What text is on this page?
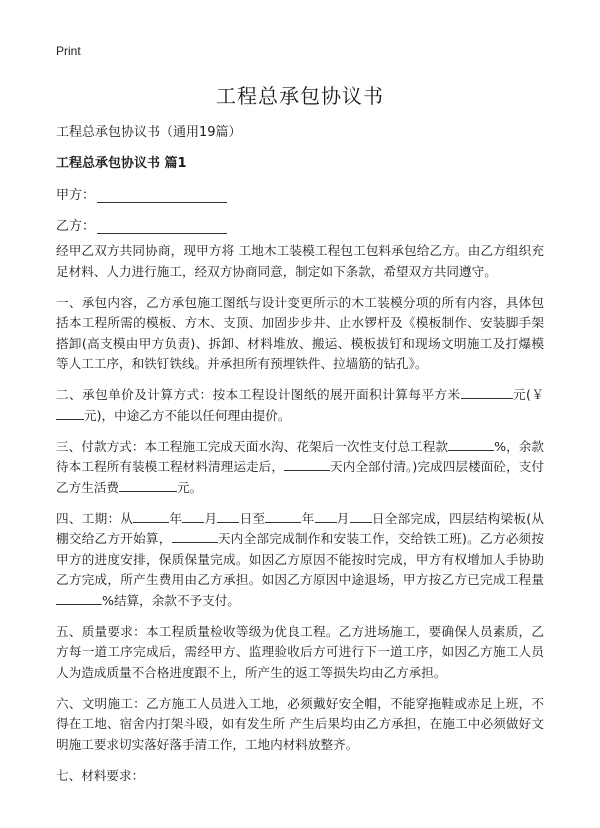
Print
工程总承包协议书
工程总承包协议书（通用19篇）
工程总承包协议书 篇1
甲方：
乙方：

经甲乙双方共同协商，现甲方将 工地木工装模工程包工包料承包给乙方。由乙方组织充足材料、人力进行施工，经双方协商同意，制定如下条款，希望双方共同遵守。

一、承包内容，乙方承包施工图纸与设计变更所示的木工装模分项的所有内容，具体包括本工程所需的模板、方木、支顶、加固步步井、止水锣杆及《模板制作、安装脚手架搭卸(高支模由甲方负责)、拆卸、材料堆放、搬运、模板拔钉和现场文明施工及打爆模等人工工序，和铁钉铁线。并承担所有预埋铁件、拉墙筋的钻孔》。

二、承包单价及计算方式：按本工程设计图纸的展开面积计算每平方米	元(￥元)，中途乙方不能以任何理由提价。

三、付款方式：本工程施工完成天面水沟、花架后一次性支付总工程款	%，余款待本工程所有装模工程材料清理运走后，	天内全部付清。)完成四层楼面砼，支付乙方生活费	元。

四、工期：从	年 月 日至	年 月 日全部完成，四层结构梁板(从棚交给乙方开始算，	天内全部完成制作和安装工作，交给铁工班)。乙方必须按甲方的进度安排，保质保量完成。如因乙方原因不能按时完成，甲方有权增加人手协助乙方完成，所产生费用由乙方承担。如因乙方原因中途退场，甲方按乙方已完成工程量%结算，余款不予支付。

五、质量要求：本工程质量检收等级为优良工程。乙方进场施工，要确保人员素质，乙方每一道工序完成后，需经甲方、监理验收后方可进行下一道工序，如因乙方施工人员人为造成质量不合格进度跟不上，所产生的返工等损失均由乙方承担。

六、文明施工：乙方施工人员进入工地，必须戴好安全帽，不能穿拖鞋或赤足上班，不得在工地、宿舍内打架斗殴，如有发生所 产生后果均由乙方承担，在施工中必须做好文明施工要求切实落好落手清工作，工地内材料放整齐。

七、材料要求：
